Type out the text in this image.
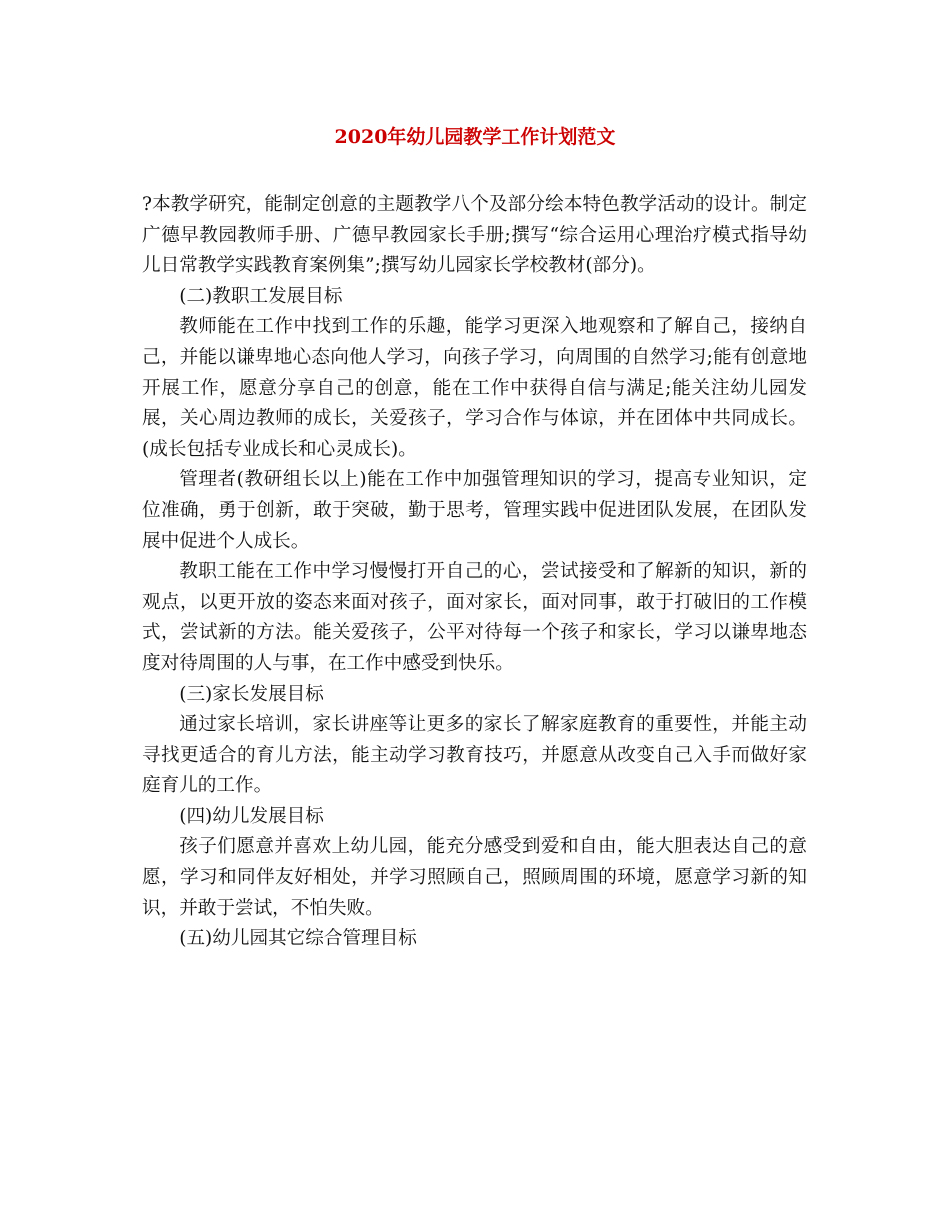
2020年幼儿园教学工作计划范文

?本教学研究，能制定创意的主题教学八个及部分绘本特色教学活动的设计。制定广德早教园教师手册、广德早教园家长手册;撰写“综合运用心理治疗模式指导幼儿日常教学实践教育案例集”;撰写幼儿园家长学校教材(部分)。

(二)教职工发展目标

教师能在工作中找到工作的乐趣，能学习更深入地观察和了解自己，接纳自己，并能以谦卑地心态向他人学习，向孩子学习，向周围的自然学习;能有创意地开展工作，愿意分享自己的创意，能在工作中获得自信与满足;能关注幼儿园发展，关心周边教师的成长，关爱孩子，学习合作与体谅，并在团体中共同成长。(成长包括专业成长和心灵成长)。

管理者(教研组长以上)能在工作中加强管理知识的学习，提高专业知识，定位准确，勇于创新，敢于突破，勤于思考，管理实践中促进团队发展，在团队发展中促进个人成长。

教职工能在工作中学习慢慢打开自己的心，尝试接受和了解新的知识，新的观点，以更开放的姿态来面对孩子，面对家长，面对同事，敢于打破旧的工作模式，尝试新的方法。能关爱孩子，公平对待每一个孩子和家长，学习以谦卑地态度对待周围的人与事，在工作中感受到快乐。

(三)家长发展目标

通过家长培训，家长讲座等让更多的家长了解家庭教育的重要性，并能主动寻找更适合的育儿方法，能主动学习教育技巧，并愿意从改变自己入手而做好家庭育儿的工作。

(四)幼儿发展目标

孩子们愿意并喜欢上幼儿园，能充分感受到爱和自由，能大胆表达自己的意愿，学习和同伴友好相处，并学习照顾自己，照顾周围的环境，愿意学习新的知识，并敢于尝试，不怕失败。

(五)幼儿园其它综合管理目标
